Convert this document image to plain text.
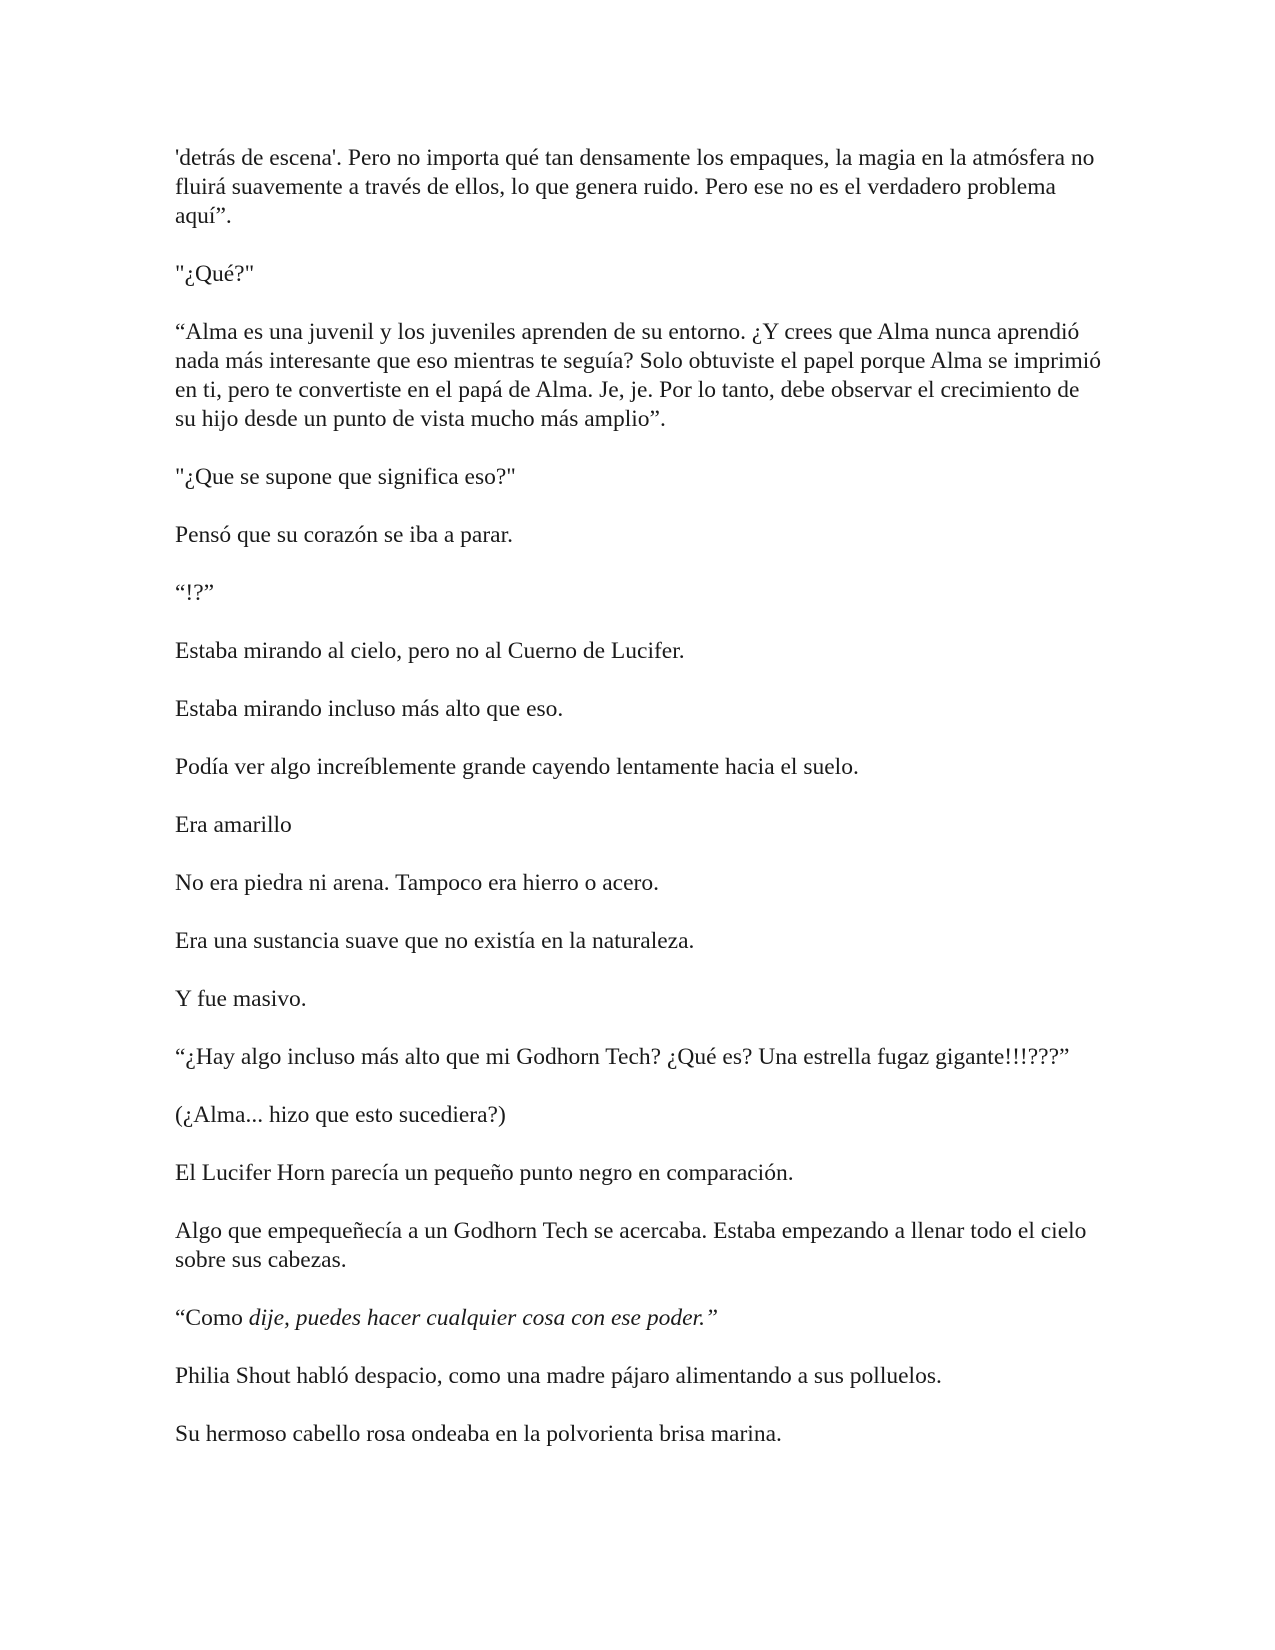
'detrás de escena'. Pero no importa qué tan densamente los empaques, la magia en la atmósfera no fluirá suavemente a través de ellos, lo que genera ruido. Pero ese no es el verdadero problema aquí”.

"¿Qué?"

“Alma es una juvenil y los juveniles aprenden de su entorno. ¿Y crees que Alma nunca aprendió nada más interesante que eso mientras te seguía? Solo obtuviste el papel porque Alma se imprimió en ti, pero te convertiste en el papá de Alma. Je, je. Por lo tanto, debe observar el crecimiento de su hijo desde un punto de vista mucho más amplio”.

"¿Que se supone que significa eso?"

Pensó que su corazón se iba a parar.

“!?”

Estaba mirando al cielo, pero no al Cuerno de Lucifer.

Estaba mirando incluso más alto que eso.

Podía ver algo increíblemente grande cayendo lentamente hacia el suelo.

Era amarillo

No era piedra ni arena. Tampoco era hierro o acero.

Era una sustancia suave que no existía en la naturaleza.

Y fue masivo.

“¿Hay algo incluso más alto que mi Godhorn Tech? ¿Qué es? Una estrella fugaz gigante!!!???”

(¿Alma... hizo que esto sucediera?)

El Lucifer Horn parecía un pequeño punto negro en comparación.

Algo que empequeñecía a un Godhorn Tech se acercaba. Estaba empezando a llenar todo el cielo sobre sus cabezas.

“Como dije, puedes hacer cualquier cosa con ese poder.”

Philia Shout habló despacio, como una madre pájaro alimentando a sus polluelos.

Su hermoso cabello rosa ondeaba en la polvorienta brisa marina.
